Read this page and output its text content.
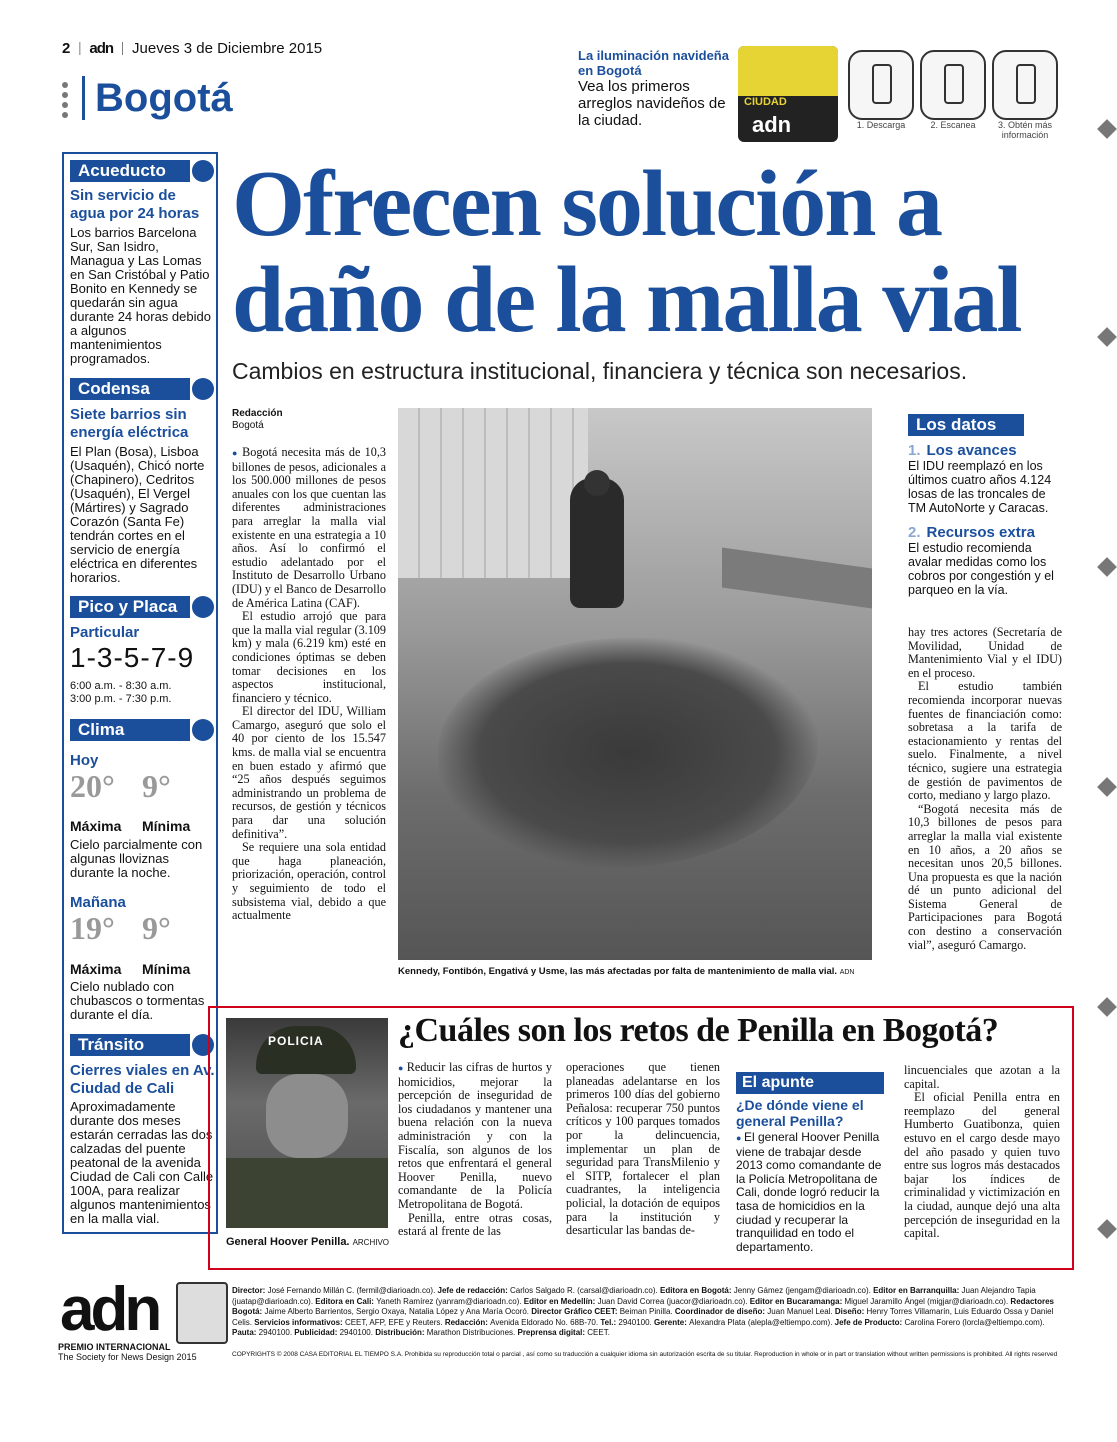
2 | adn | Jueves 3 de Diciembre 2015
Bogotá
La iluminación navideña en Bogotá
Vea los primeros arreglos navideños de la ciudad.
CIUDAD
adn	1. Descarga	2. Escanea	3. Obtén más información
Acueducto
Sin servicio de agua por 24 horas
Los barrios Barcelona Sur, San Isidro, Managua y Las Lomas en San Cristóbal y Patio Bonito en Kennedy se quedarán sin agua durante 24 horas debido a algunos mantenimientos programados.
Codensa
Siete barrios sin energía eléctrica
El Plan (Bosa), Lisboa (Usaquén), Chicó norte (Chapinero), Cedritos (Usaquén), El Vergel (Mártires) y Sagrado Corazón (Santa Fe) tendrán cortes en el servicio de energía eléctrica en diferentes horarios.
Pico y Placa
Particular
1-3-5-7-9
6:00 a.m. - 8:30 a.m.
3:00 p.m. - 7:30 p.m.
Clima
Hoy
20° 9°
Máxima Mínima
Cielo parcialmente con algunas lloviznas durante la noche.
Mañana
19° 9°
Máxima Mínima
Cielo nublado con chubascos o tormentas durante el día.
Tránsito
Cierres viales en Av. Ciudad de Cali
Aproximadamente durante dos meses estarán cerradas las dos calzadas del puente peatonal de la avenida Ciudad de Cali con Calle 100A, para realizar algunos mantenimientos en la malla vial.
Ofrecen solución a
daño de la malla vial
Cambios en estructura institucional, financiera y técnica son necesarios.
Redacción
Bogotá

● Bogotá necesita más de 10,3 billones de pesos, adicionales a los 500.000 millones de pesos anuales con los que cuentan las diferentes administraciones para arreglar la malla vial existente en una estrategia a 10 años. Así lo confirmó el estudio adelantado por el Instituto de Desarrollo Urbano (IDU) y el Banco de Desarrollo de América Latina (CAF).

El estudio arrojó que para que la malla vial regular (3.109 km) y mala (6.219 km) esté en condiciones óptimas se deben tomar decisiones en los aspectos institucional, financiero y técnico.

El director del IDU, William Camargo, aseguró que solo el 40 por ciento de los 15.547 kms. de malla vial se encuentra en buen estado y afirmó que “25 años después seguimos administrando un problema de recursos, de gestión y técnicos para dar una solución definitiva”.

Se requiere una sola entidad que haga planeación, priorización, operación, control y seguimiento de todo el subsistema vial, debido a que actualmente

Kennedy, Fontibón, Engativá y Usme, las más afectadas por falta de mantenimiento de malla vial. ADN

hay tres actores (Secretaría de Movilidad, Unidad de Mantenimiento Vial y el IDU) en el proceso.

El estudio también recomienda incorporar nuevas fuentes de financiación como: sobretasa a la tarifa de estacionamiento y rentas del suelo. Finalmente, a nivel técnico, sugiere una estrategia de gestión de pavimentos de corto, mediano y largo plazo.

“Bogotá necesita más de 10,3 billones de pesos para arreglar la malla vial existente en 10 años, a 20 años se necesitan unos 20,5 billones. Una propuesta es que la nación dé un punto adicional del Sistema General de Participaciones para Bogotá con destino a conservación vial”, aseguró Camargo.

Los datos
1. Los avances
El IDU reemplazó en los últimos cuatro años 4.124 losas de las troncales de TM AutoNorte y Caracas.
2. Recursos extra
El estudio recomienda avalar medidas como los cobros por congestión y el parqueo en la vía.
POLICIA
General Hoover Penilla. ARCHIVO
¿Cuáles son los retos de Penilla en Bogotá?

● Reducir las cifras de hurtos y homicidios, mejorar la percepción de inseguridad de los ciudadanos y mantener una buena relación con la nueva administración y con la Fiscalía, son algunos de los retos que enfrentará el general Hoover Penilla, nuevo comandante de la Policía Metropolitana de Bogotá.

Penilla, entre otras cosas, estará al frente de las

operaciones que tienen planeadas adelantarse en los primeros 100 días del gobierno Peñalosa: recuperar 750 puntos críticos y 100 parques tomados por la delincuencia, implementar un plan de seguridad para TransMilenio y el SITP, fortalecer el plan cuadrantes, la inteligencia policial, la dotación de equipos para la institución y desarticular las bandas de-

El apunte
¿De dónde viene el general Penilla?
● El general Hoover Penilla viene de trabajar desde 2013 como comandante de la Policía Metropolitana de Cali, donde logró reducir la tasa de homicidios en la ciudad y recuperar la tranquilidad en todo el departamento.

lincuenciales que azotan a la capital.

El oficial Penilla entra en reemplazo del general Humberto Guatibonza, quien estuvo en el cargo desde mayo del año pasado y quien tuvo entre sus logros más destacados bajar los índices de criminalidad y victimización en la ciudad, aunque dejó una alta percepción de inseguridad en la capital.

adn
PREMIO INTERNACIONAL
The Society for News Design 2015
Director: José Fernando Millán C. (fermil@diarioadn.co). Jefe de redacción: Carlos Salgado R. (carsal@diarioadn.co). Editora en Bogotá: Jenny Gámez (jengam@diarioadn.co). Editor en Barranquilla: Juan Alejandro Tapia (juatap@diarioadn.co). Editora en Cali: Yaneth Ramírez (yanram@diarioadn.co). Editor en Medellín: Juan David Correa (juacor@diarioadn.co). Editor en Bucaramanga: Miguel Jaramillo Ángel (migjar@diarioadn.co). Redactores Bogotá: Jaime Alberto Barrientos, Sergio Oxaya, Natalia López y Ana María Ocoró. Director Gráfico CEET: Beiman Pinilla. Coordinador de diseño: Juan Manuel Leal. Diseño: Henry Torres Villamarín, Luis Eduardo Ossa y Daniel Celis. Servicios informativos: CEET, AFP, EFE y Reuters. Redacción: Avenida Eldorado No. 68B-70. Tel.: 2940100. Gerente: Alexandra Plata (aleplа@eltiempo.com). Jefe de Producto: Carolina Forero (lorcla@eltiempo.com). Pauta: 2940100. Publicidad: 2940100. Distribución: Marathon Distribuciones. Preprensa digital: CEET.
COPYRIGHTS © 2008 CASA EDITORIAL EL TIEMPO S.A. Prohibida su reproducción total o parcial , así como su traducción a cualquier idioma sin autorización escrita de su titular. Reproduction in whole or in part or translation without written permissions is prohibited. All rights reserved
